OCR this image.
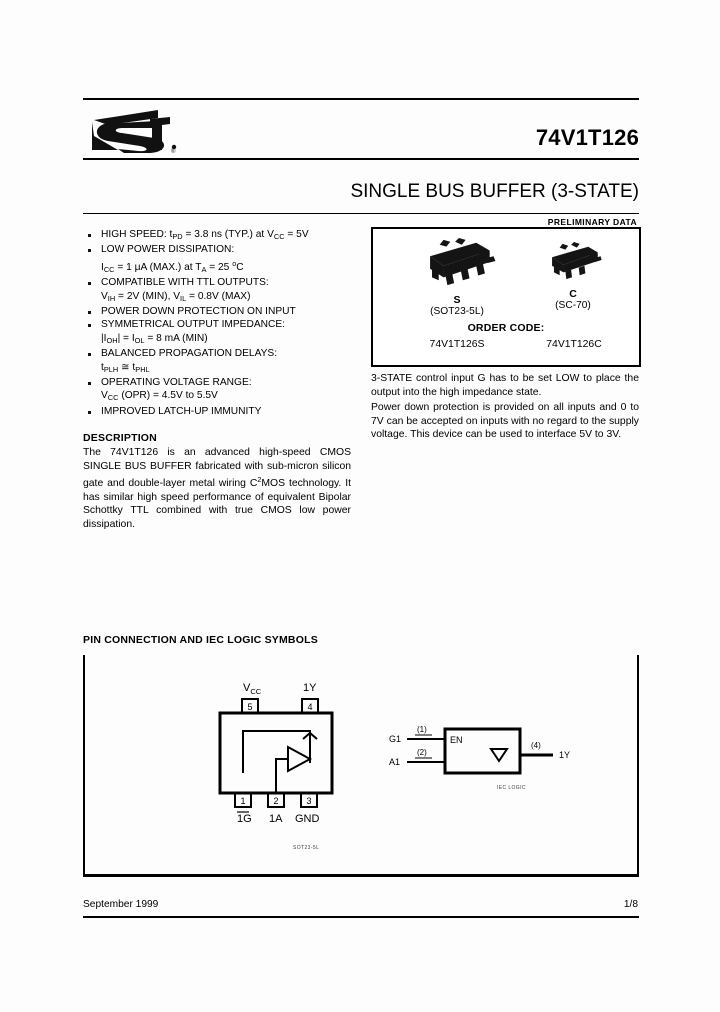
®
74V1T126
SINGLE BUS BUFFER (3-STATE)
PRELIMINARY DATA
HIGH SPEED: $t_{PD} = 3.8$ ns (TYP.) at $V_{CC} = 5V$
LOW POWER DISSIPATION:
$I_{CC} = 1$ μA (MAX.) at $T_A = 25$ $^o$C
COMPATIBLE WITH TTL OUTPUTS:
$V_{IH} = 2V$ (MIN), $V_{IL} = 0.8V$ (MAX)
POWER DOWN PROTECTION ON INPUT
SYMMETRICAL OUTPUT IMPEDANCE:
$|I_{OH}| = I_{OL} = 8$ mA (MIN)
BALANCED PROPAGATION DELAYS:
$t_{PLH}$ ≅ $t_{PHL}$
OPERATING VOLTAGE RANGE:
$V_{CC}$ (OPR) = 4.5V to 5.5V
IMPROVED LATCH-UP IMMUNITY
DESCRIPTION
The 74V1T126 is an advanced high-speed CMOS SINGLE BUS BUFFER fabricated with sub-micron silicon gate and double-layer metal wiring $C^2MOS$ technology. It has similar high speed performance of equivalent Bipolar Schottky TTL combined with true CMOS low power dissipation.
S
(SOT23-5L)
C
(SC-70)
ORDER CODE:
74V1T126S	74V1T126C

3-STATE control input G has to be set LOW to place the output into the high impedance state.

Power down protection is provided on all inputs and 0 to 7V can be accepted on inputs with no regard to the supply voltage. This device can be used to interface 5V to 3V.

PIN CONNECTION AND IEC LOGIC SYMBOLS
$V_{CC}$	1Y
5	4
1	2	3
1G 1A GND
SOT23-5L
G1
A1
(1)
(2)
EN
(4)
1Y
IEC LOGIC
September 1999	1/8
